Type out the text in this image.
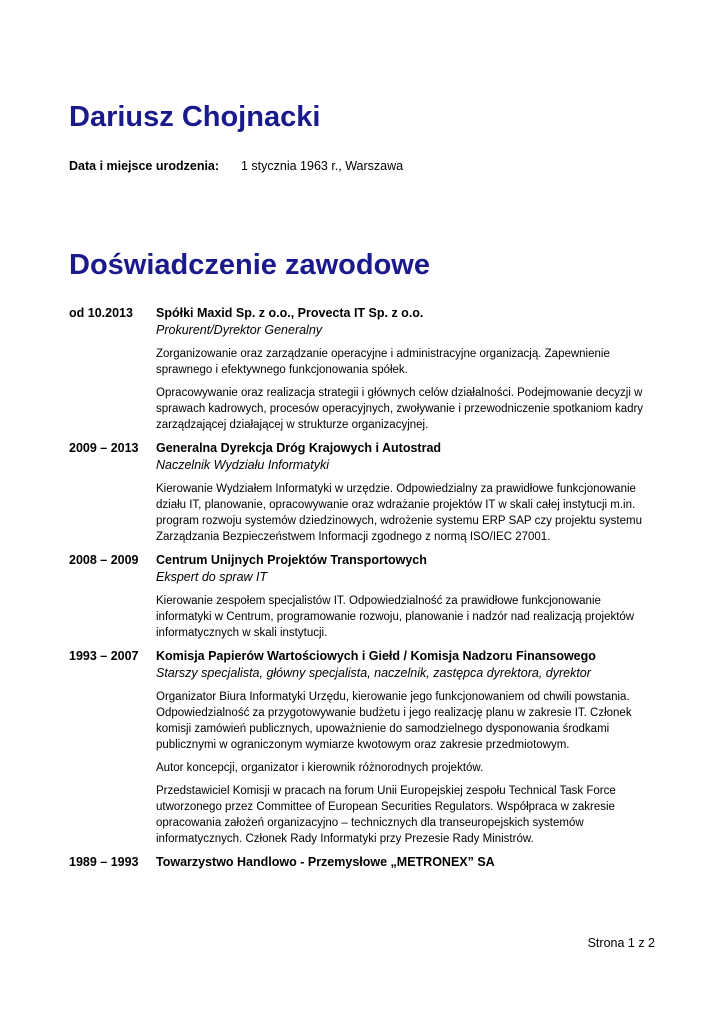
Dariusz Chojnacki
Data i miejsce urodzenia: 1 stycznia 1963 r., Warszawa
Doświadczenie zawodowe
od 10.2013	Spółki Maxid Sp. z o.o., Provecta IT Sp. z o.o.
Prokurent/Dyrektor Generalny

Zorganizowanie oraz zarządzanie operacyjne i administracyjne organizacją. Zapewnienie sprawnego i efektywnego funkcjonowania spółek.

Opracowywanie oraz realizacja strategii i głównych celów działalności. Podejmowanie decyzji w sprawach kadrowych, procesów operacyjnych, zwoływanie i przewodniczenie spotkaniom kadry zarządzającej działającej w strukturze organizacyjnej.

2009 – 2013	Generalna Dyrekcja Dróg Krajowych i Autostrad
Naczelnik Wydziału Informatyki

Kierowanie Wydziałem Informatyki w urzędzie. Odpowiedzialny za prawidłowe funkcjonowanie działu IT, planowanie, opracowywanie oraz wdrażanie projektów IT w skali całej instytucji m.in. program rozwoju systemów dziedzinowych, wdrożenie systemu ERP SAP czy projektu systemu Zarządzania Bezpieczeństwem Informacji zgodnego z normą ISO/IEC 27001.

2008 – 2009	Centrum Unijnych Projektów Transportowych
Ekspert do spraw IT

Kierowanie zespołem specjalistów IT. Odpowiedzialność za prawidłowe funkcjonowanie informatyki w Centrum, programowanie rozwoju, planowanie i nadzór nad realizacją projektów informatycznych w skali instytucji.

1993 – 2007	Komisja Papierów Wartościowych i Giełd / Komisja Nadzoru Finansowego
Starszy specjalista, główny specjalista, naczelnik, zastępca dyrektora, dyrektor

Organizator Biura Informatyki Urzędu, kierowanie jego funkcjonowaniem od chwili powstania. Odpowiedzialność za przygotowywanie budżetu i jego realizację planu w zakresie IT. Członek komisji zamówień publicznych, upoważnienie do samodzielnego dysponowania środkami publicznymi w ograniczonym wymiarze kwotowym oraz zakresie przedmiotowym.

Autor koncepcji, organizator i kierownik różnorodnych projektów.

Przedstawiciel Komisji w pracach na forum Unii Europejskiej zespołu Technical Task Force utworzonego przez Committee of European Securities Regulators. Współpraca w zakresie opracowania założeń organizacyjno – technicznych dla transeuropejskich systemów informatycznych. Członek Rady Informatyki przy Prezesie Rady Ministrów.

1989 – 1993	Towarzystwo Handlowo - Przemysłowe „METRONEX” SA
Strona 1 z 2
